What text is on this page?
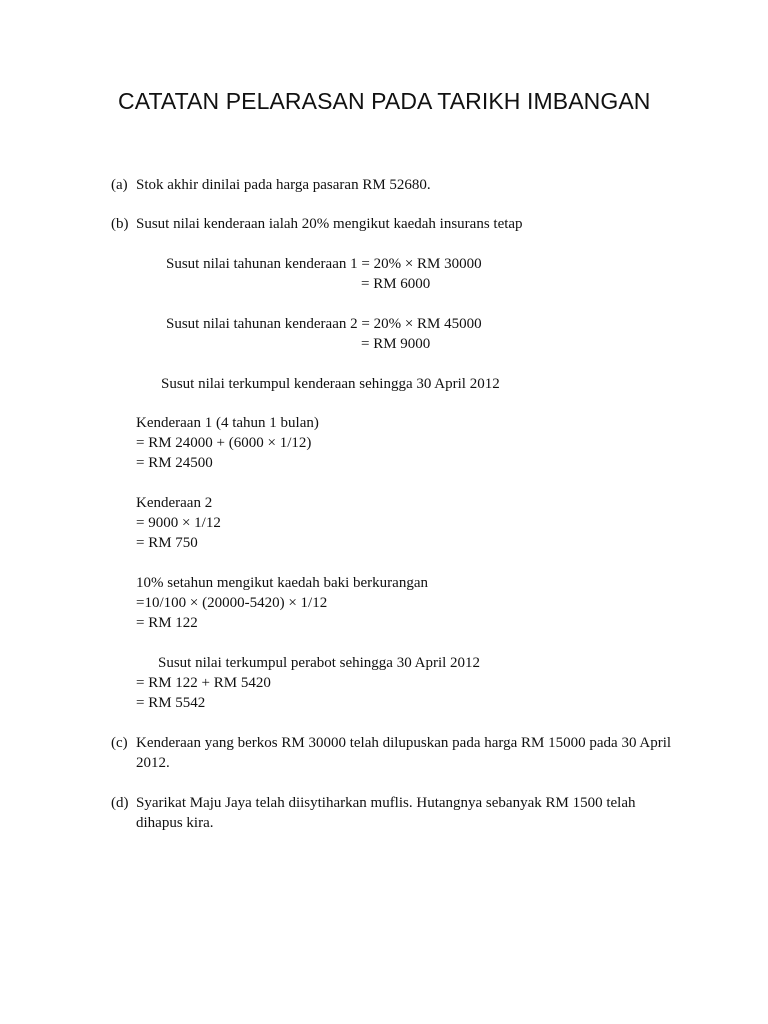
CATATAN PELARASAN PADA TARIKH IMBANGAN
(a) Stok akhir dinilai pada harga pasaran RM 52680.
(b) Susut nilai kenderaan ialah 20% mengikut kaedah insurans tetap
Susut nilai tahunan kenderaan 1 = 20% × RM 30000
= RM 6000
Susut nilai tahunan kenderaan 2 = 20% × RM 45000
= RM 9000
Susut nilai terkumpul kenderaan sehingga 30 April 2012
Kenderaan 1 (4 tahun 1 bulan)
= RM 24000 + (6000 × 1/12)
= RM 24500
Kenderaan 2
= 9000 × 1/12
= RM 750
10% setahun mengikut kaedah baki berkurangan
=10/100 × (20000-5420) × 1/12
= RM 122
Susut nilai terkumpul perabot sehingga 30 April 2012
= RM 122 + RM 5420
= RM 5542
(c) Kenderaan yang berkos RM 30000 telah dilupuskan pada harga RM 15000 pada 30 April
2012.
(d) Syarikat Maju Jaya telah diisytiharkan muflis. Hutangnya sebanyak RM 1500 telah
dihapus kira.
